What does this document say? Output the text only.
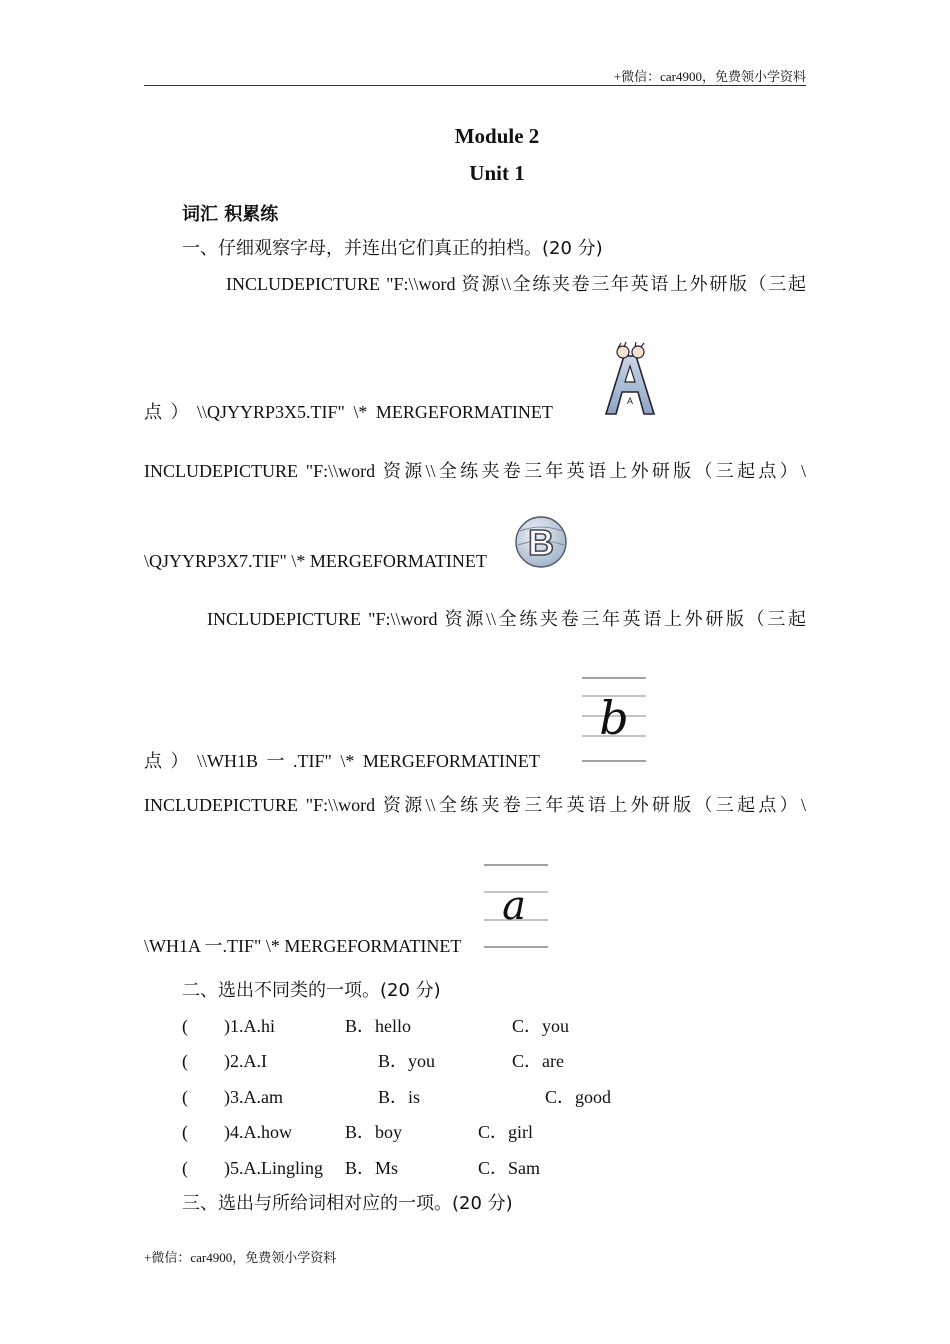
+微信：car4900，免费领小学资料
Module 2
Unit 1
词汇 积累练
一、仔细观察字母，并连出它们真正的拍档。(20 分)
INCLUDEPICTURE "F:\\word 资源\\全练夹卷三年英语上外研版（三起
点 ） \\QJYYRP3X5.TIF" \* MERGEFORMATINET
A
INCLUDEPICTURE "F:\\word 资源\\全练夹卷三年英语上外研版（三起点）\
\QJYYRP3X7.TIF" \* MERGEFORMATINET B
INCLUDEPICTURE "F:\\word 资源\\全练夹卷三年英语上外研版（三起
点 ） \\WH1B 一 .TIF" \* MERGEFORMATINET
b
INCLUDEPICTURE "F:\\word 资源\\全练夹卷三年英语上外研版（三起点）\
\WH1A 一.TIF" \* MERGEFORMATINET
a
二、选出不同类的一项。(20 分)
(　　)1.A.hi	B．hello	C．you
(　　)2.A.I	B．you	C．are
(　　)3.A.am	B．is	C．good
(　　)4.A.how	B．boy	C．girl
(　　)5.A.Lingling B．Ms	C．Sam
三、选出与所给词相对应的一项。(20 分)
+微信：car4900，免费领小学资料
